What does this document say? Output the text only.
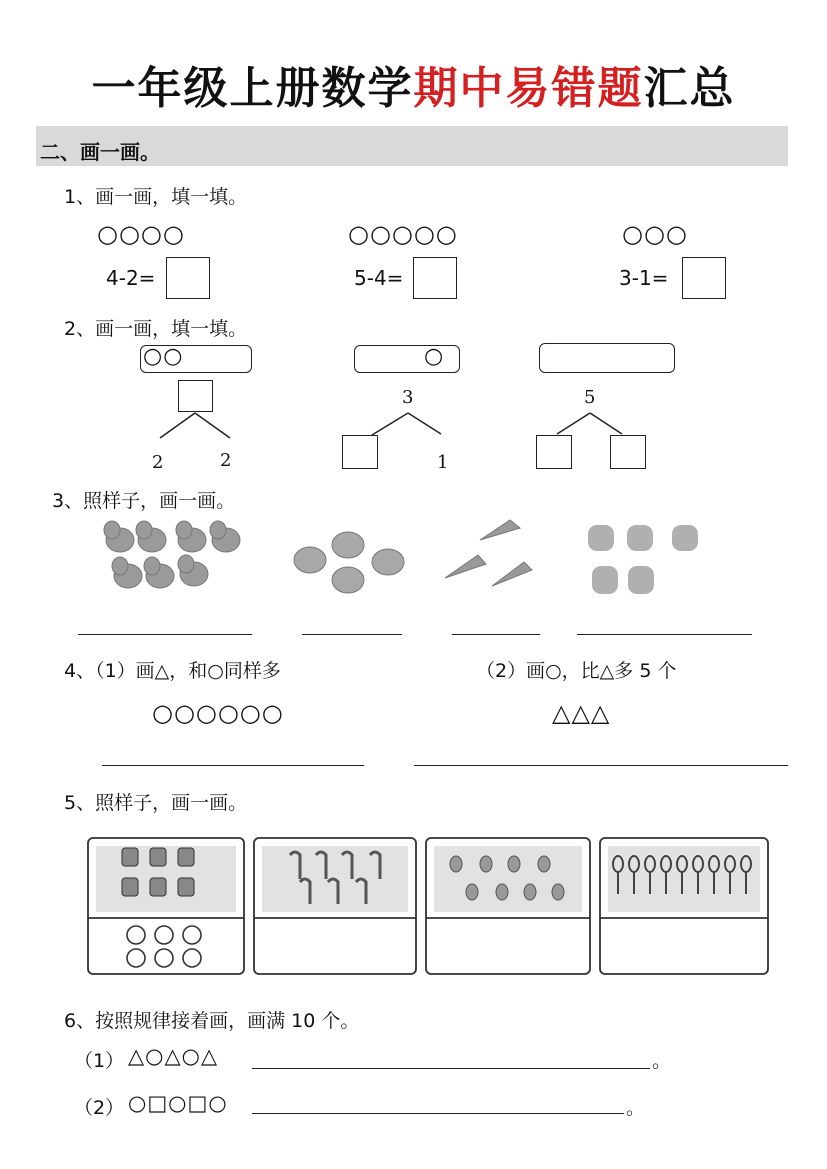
一年级上册数学期中易错题汇总
二、画一画。
1、画一画，填一填。
○○○○	○○○○○	○○○
4-2=	5-4=	3-1=
2、画一画，填一填。
○○
2	2
○
3
1
5
3、照样子，画一画。
4、（1）画△，和○同样多	（2）画○，比△多 5 个
○○○○○○	△△△
5、照样子，画一画。
6、按照规律接着画，画满 10 个。
（1） △○△○△	。
（2） ○□○□○	。
